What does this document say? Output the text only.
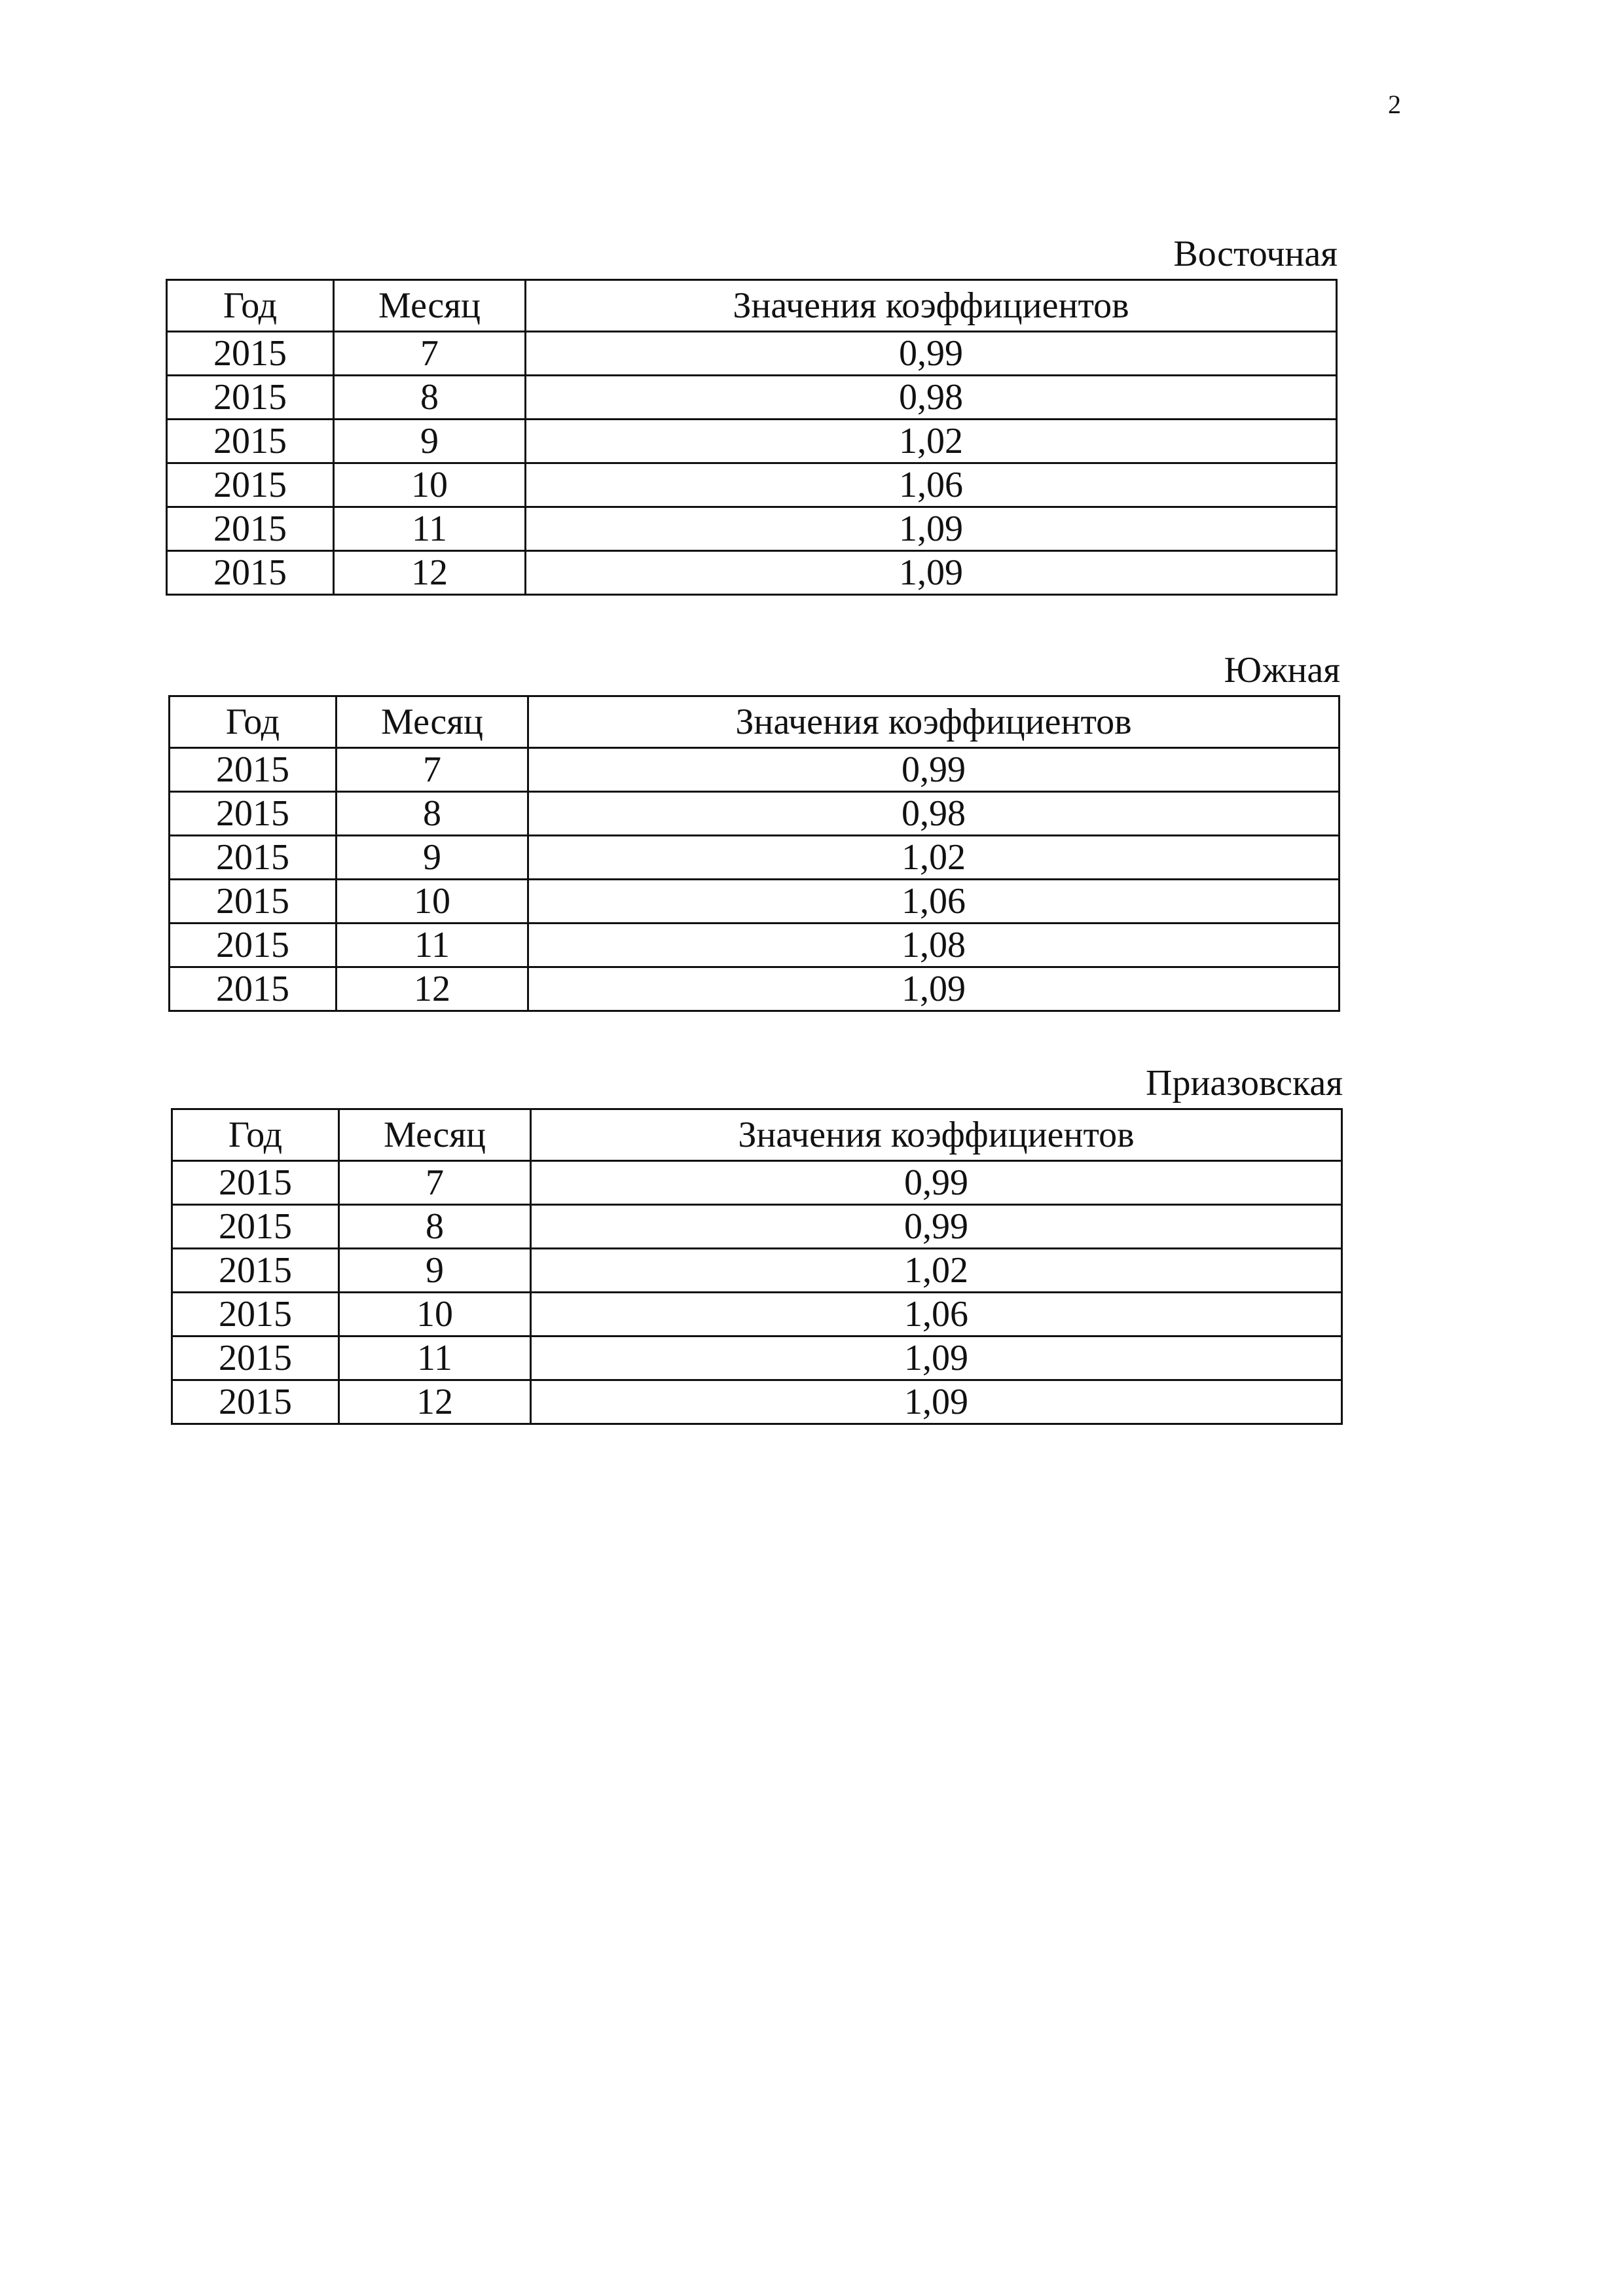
2
Восточная
Год	Месяц	Значения коэффициентов
2015	7	0,99
2015	8	0,98
2015	9	1,02
2015	10	1,06
2015	11	1,09
2015	12	1,09
Южная
Год	Месяц	Значения коэффициентов
2015	7	0,99
2015	8	0,98
2015	9	1,02
2015	10	1,06
2015	11	1,08
2015	12	1,09
Приазовская
Год	Месяц	Значения коэффициентов
2015	7	0,99
2015	8	0,99
2015	9	1,02
2015	10	1,06
2015	11	1,09
2015	12	1,09
